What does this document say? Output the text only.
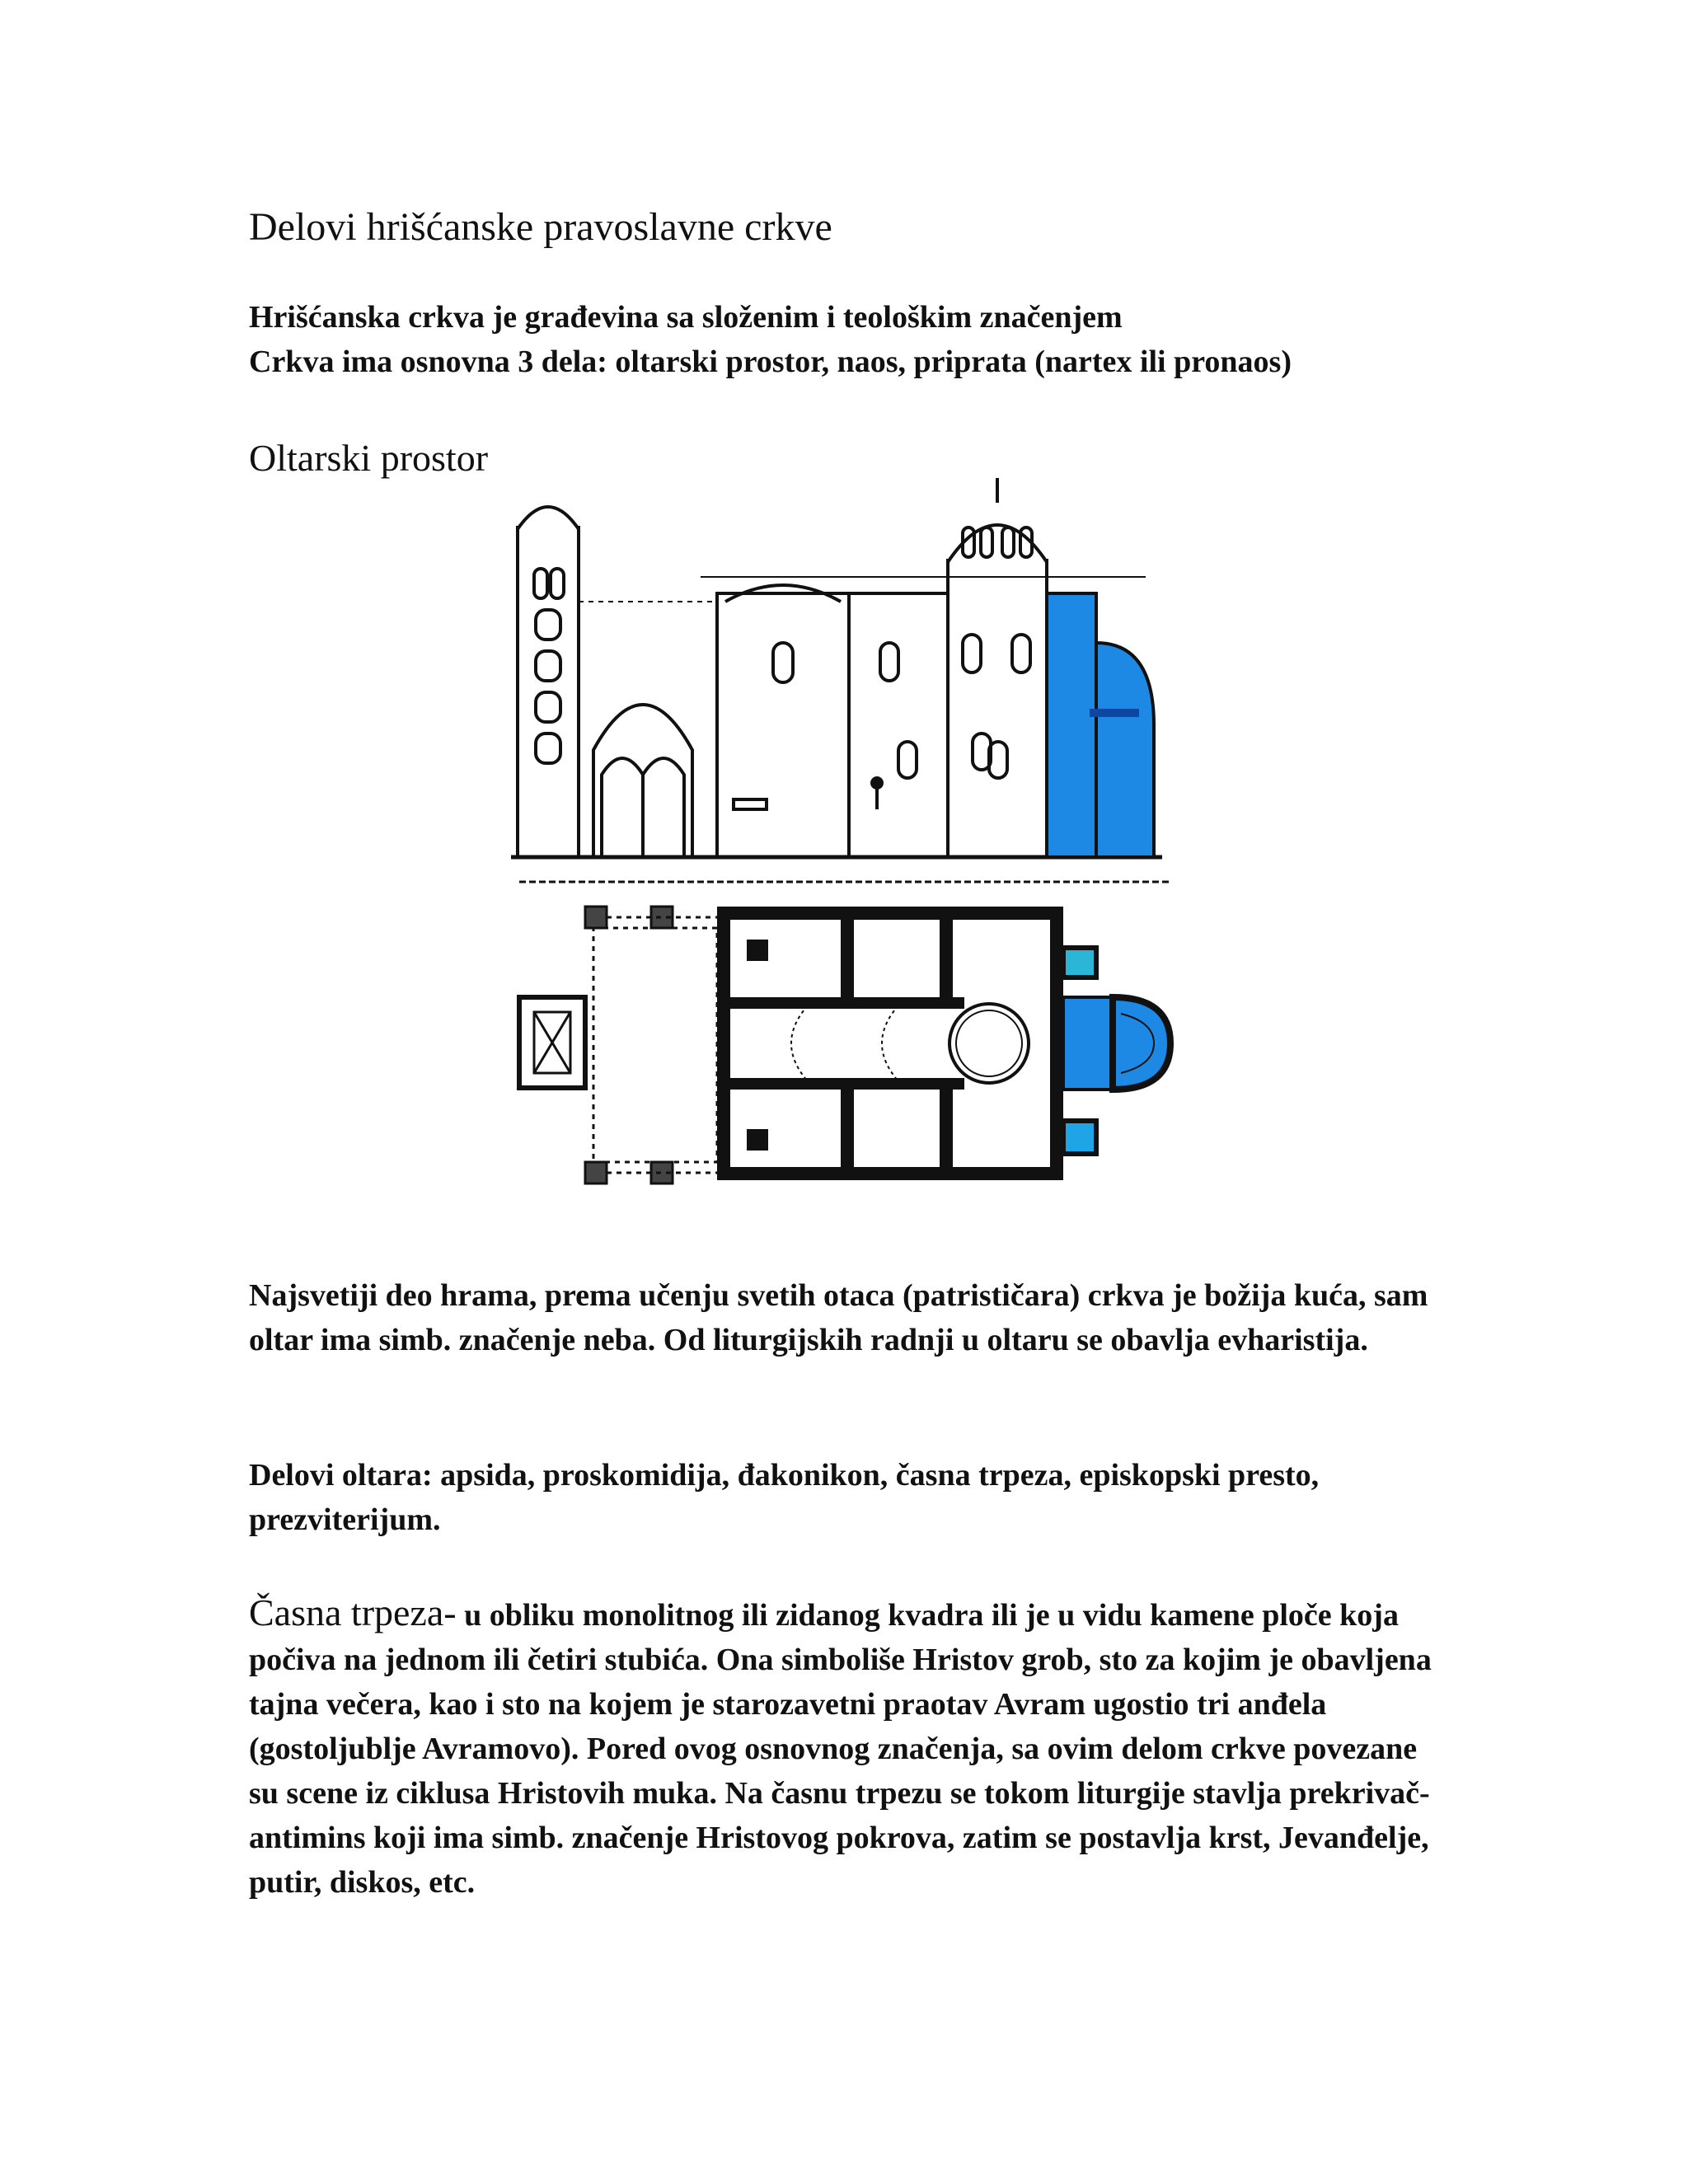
Delovi hrišćanske pravoslavne crkve

Hrišćanska crkva je građevina sa složenim i teološkim značenjem
Crkva ima osnovna 3 dela: oltarski prostor, naos, priprata (nartex ili pronaos)

Oltarski prostor

Najsvetiji deo hrama, prema učenju svetih otaca (patrističara) crkva je božija kuća, sam oltar ima simb. značenje neba. Od liturgijskih radnji u oltaru se obavlja evharistija.

Delovi oltara: apsida, proskomidija, đakonikon, časna trpeza, episkopski presto, prezviterijum.

Časna trpeza- u obliku monolitnog ili zidanog kvadra ili je u vidu kamene ploče koja počiva na jednom ili četiri stubića. Ona simboliše Hristov grob, sto za kojim je obavljena tajna večera, kao i sto na kojem je starozavetni praotav Avram ugostio tri anđela (gostoljublje Avramovo). Pored ovog osnovnog značenja, sa ovim delom crkve povezane su scene iz ciklusa Hristovih muka. Na časnu trpezu se tokom liturgije stavlja prekrivač-antimins koji ima simb. značenje Hristovog pokrova, zatim se postavlja krst, Jevanđelje, putir, diskos, etc.
